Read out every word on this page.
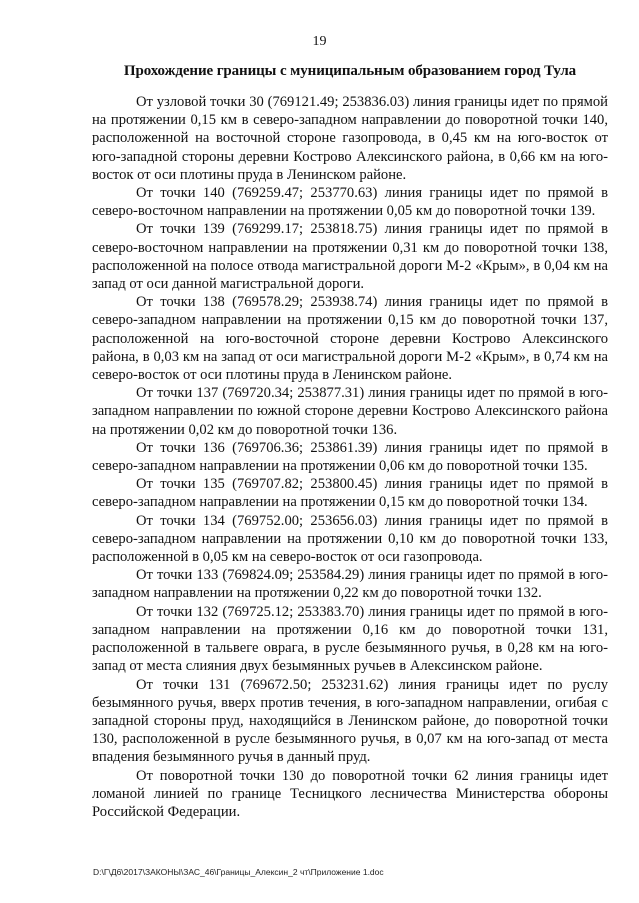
19
Прохождение границы с муниципальным образованием город Тула

От узловой точки 30 (769121.49; 253836.03) линия границы идет по прямой на протяжении 0,15 км в северо-западном направлении до поворотной точки 140, расположенной на восточной стороне газопровода, в 0,45 км на юго-восток от юго-западной стороны деревни Кострово Алексинского района, в 0,66 км на юго-восток от оси плотины пруда в Ленинском районе.

От точки 140 (769259.47; 253770.63) линия границы идет по прямой в северо-восточном направлении на протяжении 0,05 км до поворотной точки 139.

От точки 139 (769299.17; 253818.75) линия границы идет по прямой в северо-восточном направлении на протяжении 0,31 км до поворотной точки 138, расположенной на полосе отвода магистральной дороги М-2 «Крым», в 0,04 км на запад от оси данной магистральной дороги.

От точки 138 (769578.29; 253938.74) линия границы идет по прямой в северо-западном направлении на протяжении 0,15 км до поворотной точки 137, расположенной на юго-восточной стороне деревни Кострово Алексинского района, в 0,03 км на запад от оси магистральной дороги М-2 «Крым», в 0,74 км на северо-восток от оси плотины пруда в Ленинском районе.

От точки 137 (769720.34; 253877.31) линия границы идет по прямой в юго-западном направлении по южной стороне деревни Кострово Алексинского района на протяжении 0,02 км до поворотной точки 136.

От точки 136 (769706.36; 253861.39) линия границы идет по прямой в северо-западном направлении на протяжении 0,06 км до поворотной точки 135.

От точки 135 (769707.82; 253800.45) линия границы идет по прямой в северо-западном направлении на протяжении 0,15 км до поворотной точки 134.

От точки 134 (769752.00; 253656.03) линия границы идет по прямой в северо-западном направлении на протяжении 0,10 км до поворотной точки 133, расположенной в 0,05 км на северо-восток от оси газопровода.

От точки 133 (769824.09; 253584.29) линия границы идет по прямой в юго-западном направлении на протяжении 0,22 км до поворотной точки 132.

От точки 132 (769725.12; 253383.70) линия границы идет по прямой в юго-западном направлении на протяжении 0,16 км до поворотной точки 131, расположенной в тальвеге оврага, в русле безымянного ручья, в 0,28 км на юго-запад от места слияния двух безымянных ручьев в Алексинском районе.

От точки 131 (769672.50; 253231.62) линия границы идет по руслу безымянного ручья, вверх против течения, в юго-западном направлении, огибая с западной стороны пруд, находящийся в Ленинском районе, до поворотной точки 130, расположенной в русле безымянного ручья, в 0,07 км на юго-запад от места впадения безымянного ручья в данный пруд.

От поворотной точки 130 до поворотной точки 62 линия границы идет ломаной линией по границе Тесницкого лесничества Министерства обороны Российской Федерации.

D:\Г\Д6\2017\ЗАКОНЫ\ЗАС_46\Границы_Алексин_2 чт\Приложение 1.doc
